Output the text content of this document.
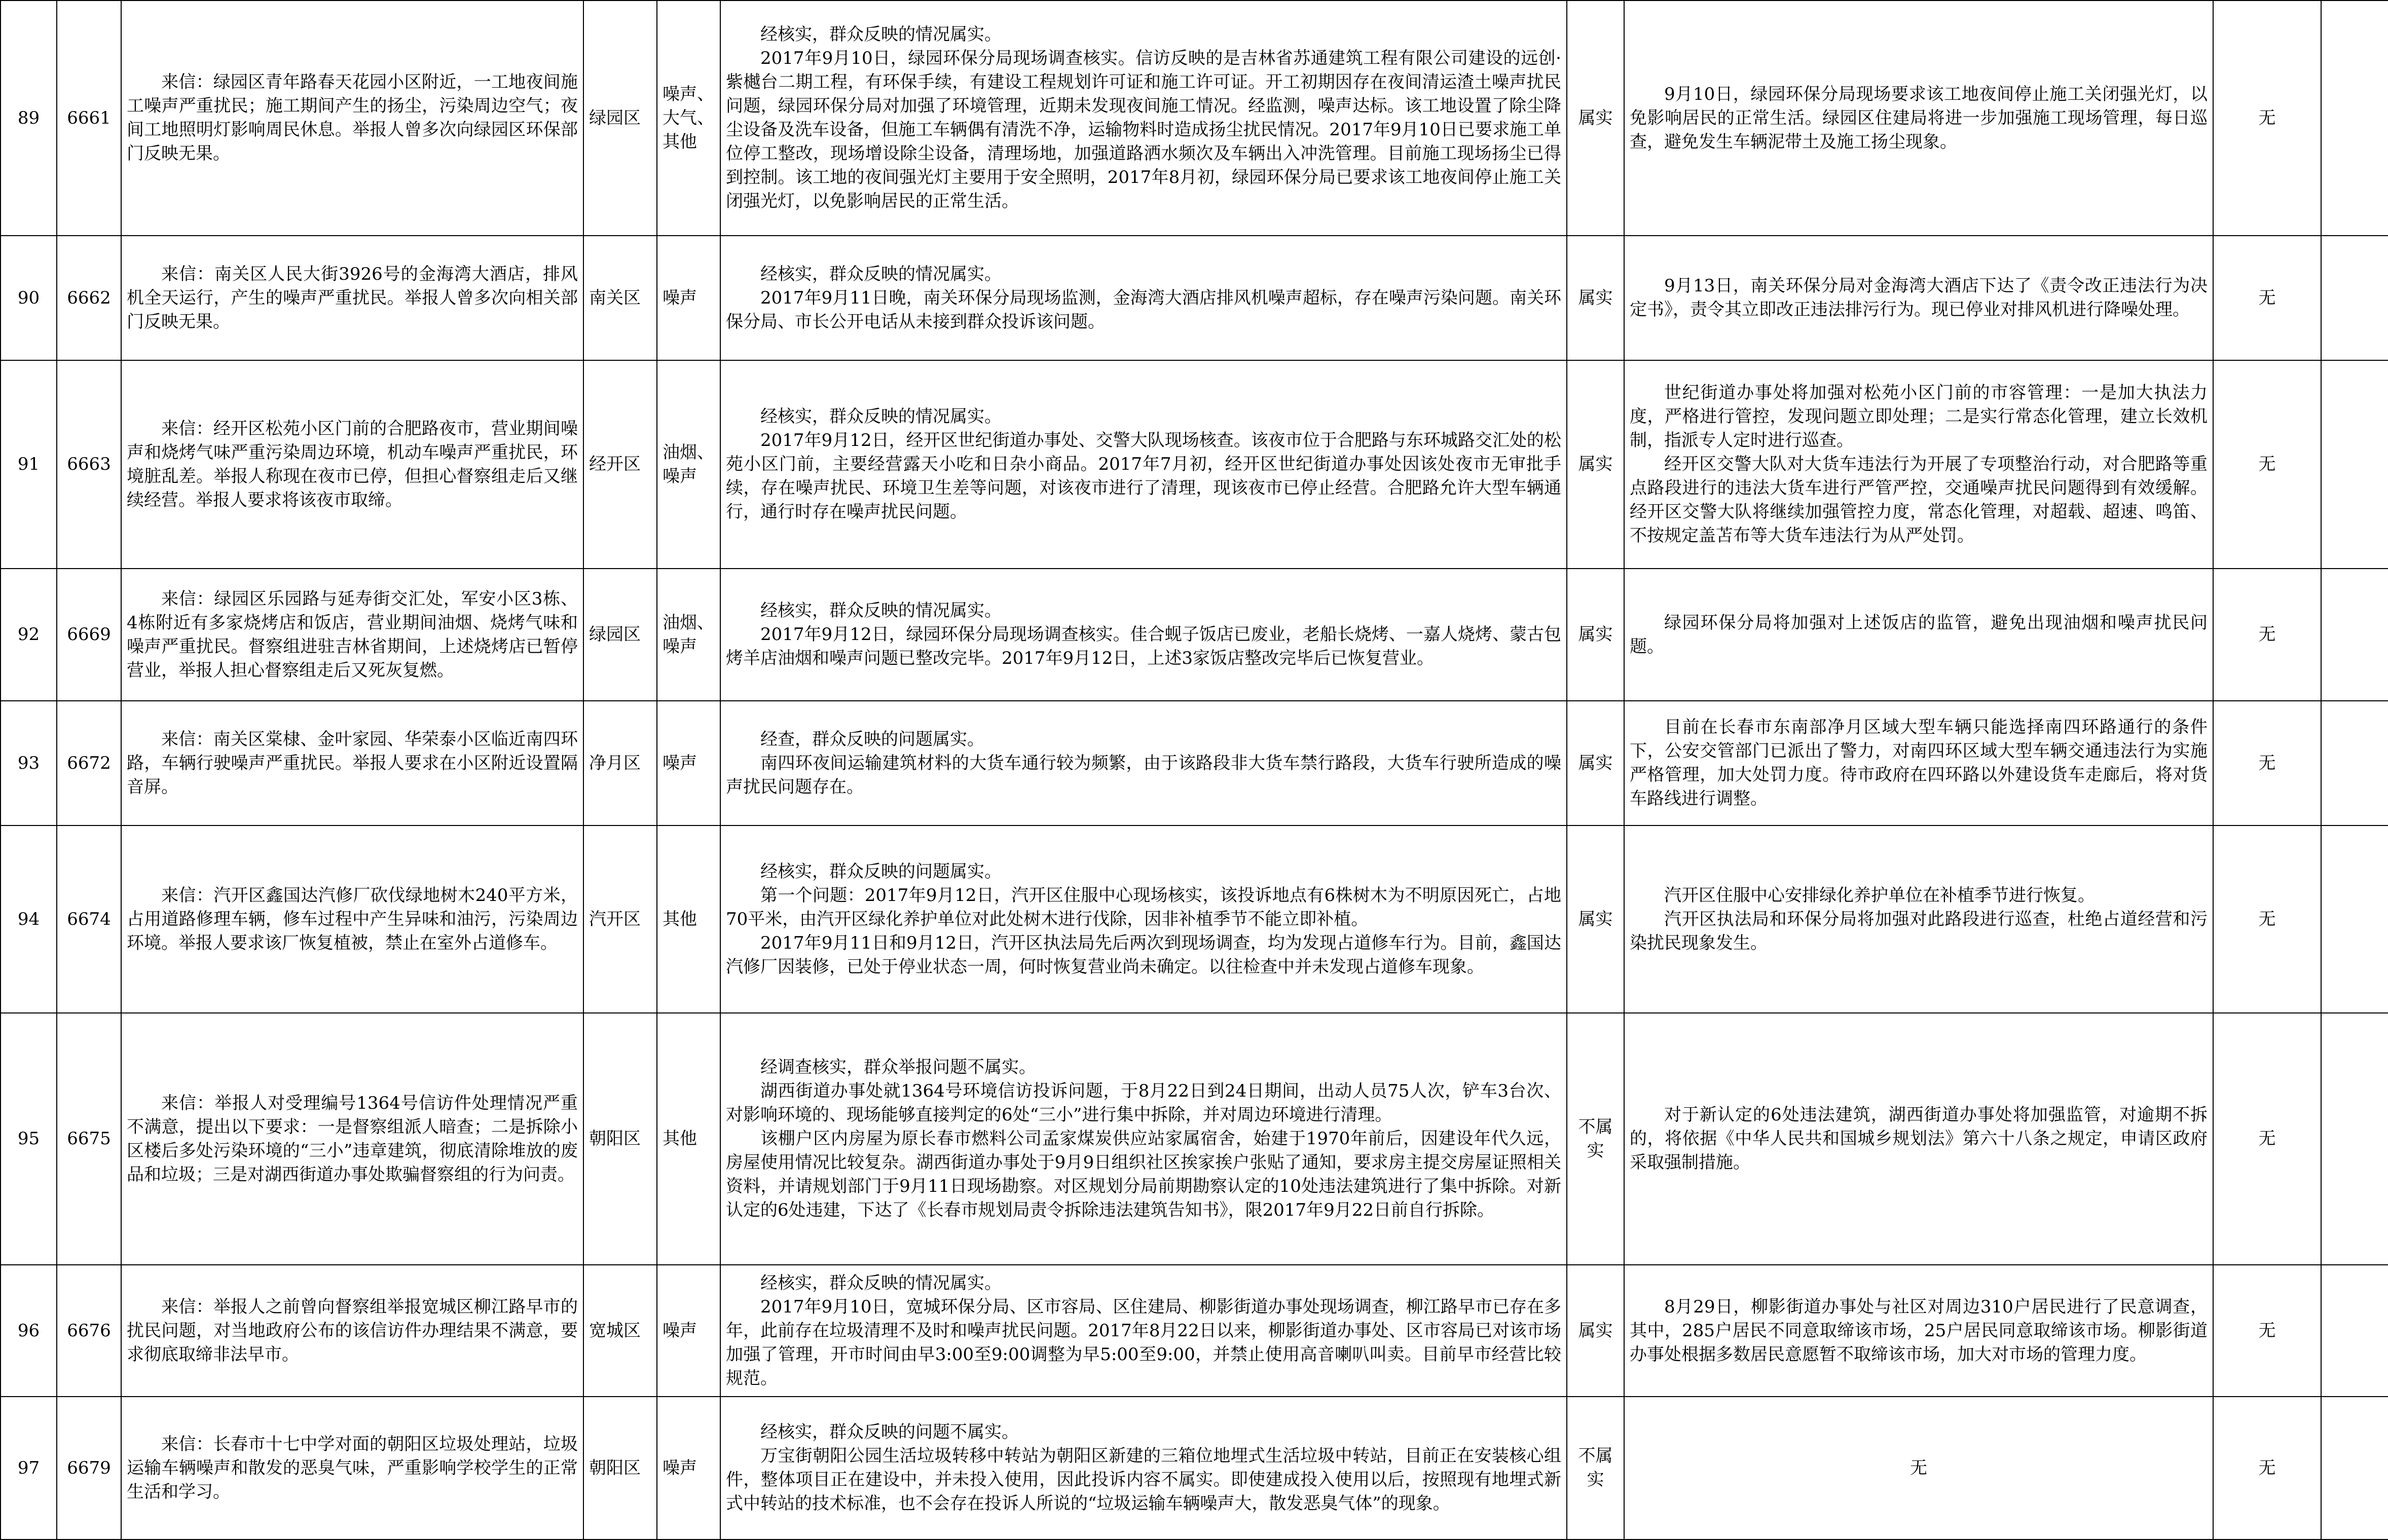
89	6661	来信：绿园区青年路春天花园小区附近，一工地夜间施工噪声严重扰民；施工期间产生的扬尘，污染周边空气；夜间工地照明灯影响周民休息。举报人曾多次向绿园区环保部门反映无果。	绿园区	噪声、大气、其他	经核实，群众反映的情况属实。
2017年9月10日，绿园环保分局现场调查核实。信访反映的是吉林省苏通建筑工程有限公司建设的远创·紫樾台二期工程，有环保手续，有建设工程规划许可证和施工许可证。开工初期因存在夜间清运渣土噪声扰民问题，绿园环保分局对加强了环境管理，近期未发现夜间施工情况。经监测，噪声达标。该工地设置了除尘降尘设备及洗车设备，但施工车辆偶有清洗不净，运输物料时造成扬尘扰民情况。2017年9月10日已要求施工单位停工整改，现场增设除尘设备，清理场地，加强道路洒水频次及车辆出入冲洗管理。目前施工现场扬尘已得到控制。该工地的夜间强光灯主要用于安全照明，2017年8月初，绿园环保分局已要求该工地夜间停止施工关闭强光灯，以免影响居民的正常生活。	属实	9月10日，绿园环保分局现场要求该工地夜间停止施工关闭强光灯，以免影响居民的正常生活。绿园区住建局将进一步加强施工现场管理，每日巡查，避免发生车辆泥带土及施工扬尘现象。	无	
90	6662	来信：南关区人民大街3926号的金海湾大酒店，排风机全天运行，产生的噪声严重扰民。举报人曾多次向相关部门反映无果。	南关区	噪声	经核实，群众反映的情况属实。
2017年9月11日晚，南关环保分局现场监测，金海湾大酒店排风机噪声超标，存在噪声污染问题。南关环保分局、市长公开电话从未接到群众投诉该问题。	属实	9月13日，南关环保分局对金海湾大酒店下达了《责令改正违法行为决定书》，责令其立即改正违法排污行为。现已停业对排风机进行降噪处理。	无	
91	6663	来信：经开区松苑小区门前的合肥路夜市，营业期间噪声和烧烤气味严重污染周边环境，机动车噪声严重扰民，环境脏乱差。举报人称现在夜市已停，但担心督察组走后又继续经营。举报人要求将该夜市取缔。	经开区	油烟、噪声	经核实，群众反映的情况属实。
2017年9月12日，经开区世纪街道办事处、交警大队现场核查。该夜市位于合肥路与东环城路交汇处的松苑小区门前，主要经营露天小吃和日杂小商品。2017年7月初，经开区世纪街道办事处因该处夜市无审批手续，存在噪声扰民、环境卫生差等问题，对该夜市进行了清理，现该夜市已停止经营。合肥路允许大型车辆通行，通行时存在噪声扰民问题。	属实	世纪街道办事处将加强对松苑小区门前的市容管理：一是加大执法力度，严格进行管控，发现问题立即处理；二是实行常态化管理，建立长效机制，指派专人定时进行巡查。
经开区交警大队对大货车违法行为开展了专项整治行动，对合肥路等重点路段进行的违法大货车进行严管严控，交通噪声扰民问题得到有效缓解。经开区交警大队将继续加强管控力度，常态化管理，对超载、超速、鸣笛、不按规定盖苫布等大货车违法行为从严处罚。	无	
92	6669	来信：绿园区乐园路与延寿街交汇处，军安小区3栋、4栋附近有多家烧烤店和饭店，营业期间油烟、烧烤气味和噪声严重扰民。督察组进驻吉林省期间，上述烧烤店已暂停营业，举报人担心督察组走后又死灰复燃。	绿园区	油烟、噪声	经核实，群众反映的情况属实。
2017年9月12日，绿园环保分局现场调查核实。佳合蚬子饭店已废业，老船长烧烤、一嘉人烧烤、蒙古包烤羊店油烟和噪声问题已整改完毕。2017年9月12日，上述3家饭店整改完毕后已恢复营业。	属实	绿园环保分局将加强对上述饭店的监管，避免出现油烟和噪声扰民问题。	无	
93	6672	来信：南关区棠棣、金叶家园、华荣泰小区临近南四环路，车辆行驶噪声严重扰民。举报人要求在小区附近设置隔音屏。	净月区	噪声	经查，群众反映的问题属实。
南四环夜间运输建筑材料的大货车通行较为频繁，由于该路段非大货车禁行路段，大货车行驶所造成的噪声扰民问题存在。	属实	目前在长春市东南部净月区域大型车辆只能选择南四环路通行的条件下，公安交管部门已派出了警力，对南四环区域大型车辆交通违法行为实施严格管理，加大处罚力度。待市政府在四环路以外建设货车走廊后，将对货车路线进行调整。	无	
94	6674	来信：汽开区鑫国达汽修厂砍伐绿地树木240平方米，占用道路修理车辆，修车过程中产生异味和油污，污染周边环境。举报人要求该厂恢复植被，禁止在室外占道修车。	汽开区	其他	经核实，群众反映的问题属实。
第一个问题：2017年9月12日，汽开区住服中心现场核实，该投诉地点有6株树木为不明原因死亡，占地70平米，由汽开区绿化养护单位对此处树木进行伐除，因非补植季节不能立即补植。
2017年9月11日和9月12日，汽开区执法局先后两次到现场调查，均为发现占道修车行为。目前，鑫国达汽修厂因装修，已处于停业状态一周，何时恢复营业尚未确定。以往检查中并未发现占道修车现象。	属实	汽开区住服中心安排绿化养护单位在补植季节进行恢复。
汽开区执法局和环保分局将加强对此路段进行巡查，杜绝占道经营和污染扰民现象发生。	无	
95	6675	来信：举报人对受理编号1364号信访件处理情况严重不满意，提出以下要求：一是督察组派人暗查；二是拆除小区楼后多处污染环境的“三小”违章建筑，彻底清除堆放的废品和垃圾；三是对湖西街道办事处欺骗督察组的行为问责。	朝阳区	其他	经调查核实，群众举报问题不属实。
湖西街道办事处就1364号环境信访投诉问题，于8月22日到24日期间，出动人员75人次，铲车3台次、对影响环境的、现场能够直接判定的6处“三小”进行集中拆除，并对周边环境进行清理。
该棚户区内房屋为原长春市燃料公司孟家煤炭供应站家属宿舍，始建于1970年前后，因建设年代久远，房屋使用情况比较复杂。湖西街道办事处于9月9日组织社区挨家挨户张贴了通知，要求房主提交房屋证照相关资料，并请规划部门于9月11日现场勘察。对区规划分局前期勘察认定的10处违法建筑进行了集中拆除。对新认定的6处违建，下达了《长春市规划局责令拆除违法建筑告知书》，限2017年9月22日前自行拆除。	不属实	对于新认定的6处违法建筑，湖西街道办事处将加强监管，对逾期不拆的，将依据《中华人民共和国城乡规划法》第六十八条之规定，申请区政府采取强制措施。	无	
96	6676	来信：举报人之前曾向督察组举报宽城区柳江路早市的扰民问题，对当地政府公布的该信访件办理结果不满意，要求彻底取缔非法早市。	宽城区	噪声	经核实，群众反映的情况属实。
2017年9月10日，宽城环保分局、区市容局、区住建局、柳影街道办事处现场调查，柳江路早市已存在多年，此前存在垃圾清理不及时和噪声扰民问题。2017年8月22日以来，柳影街道办事处、区市容局已对该市场加强了管理，开市时间由早3:00至9:00调整为早5:00至9:00，并禁止使用高音喇叭叫卖。目前早市经营比较规范。	属实	8月29日，柳影街道办事处与社区对周边310户居民进行了民意调查，其中，285户居民不同意取缔该市场，25户居民同意取缔该市场。柳影街道办事处根据多数居民意愿暂不取缔该市场，加大对市场的管理力度。	无	
97	6679	来信：长春市十七中学对面的朝阳区垃圾处理站，垃圾运输车辆噪声和散发的恶臭气味，严重影响学校学生的正常生活和学习。	朝阳区	噪声	经核实，群众反映的问题不属实。
万宝街朝阳公园生活垃圾转移中转站为朝阳区新建的三箱位地埋式生活垃圾中转站，目前正在安装核心组件，整体项目正在建设中，并未投入使用，因此投诉内容不属实。即使建成投入使用以后，按照现有地埋式新式中转站的技术标准，也不会存在投诉人所说的“垃圾运输车辆噪声大，散发恶臭气体”的现象。	不属实	无	无	
